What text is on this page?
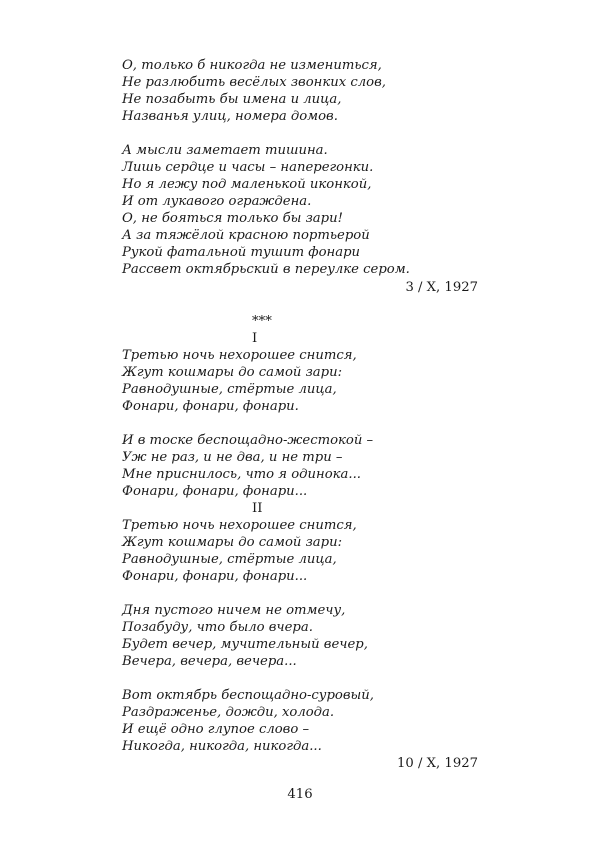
О, только б никогда не измениться,
Не разлюбить весёлых звонких слов,
Не позабыть бы имена и лица,
Названья улиц, номера домов.
А мысли заметает тишина.
Лишь сердце и часы – наперегонки.
Но я лежу под маленькой иконкой,
И от лукавого ограждена.
О, не бояться только бы зари!
А за тяжёлой красною портьерой
Рукой фатальной тушит фонари
Рассвет октябрьский в переулке сером.
3 / X, 1927
***
I
Третью ночь нехорошее снится,
Жгут кошмары до самой зари:
Равнодушные, стёртые лица,
Фонари, фонари, фонари.
И в тоске беспощадно-жестокой –
Уж не раз, и не два, и не три –
Мне приснилось, что я одинока...
Фонари, фонари, фонари...
II
Третью ночь нехорошее снится,
Жгут кошмары до самой зари:
Равнодушные, стёртые лица,
Фонари, фонари, фонари...
Дня пустого ничем не отмечу,
Позабуду, что было вчера.
Будет вечер, мучительный вечер,
Вечера, вечера, вечера...
Вот октябрь беспощадно-суровый,
Раздраженье, дожди, холода.
И ещё одно глупое слово –
Никогда, никогда, никогда...
10 / X, 1927
416
